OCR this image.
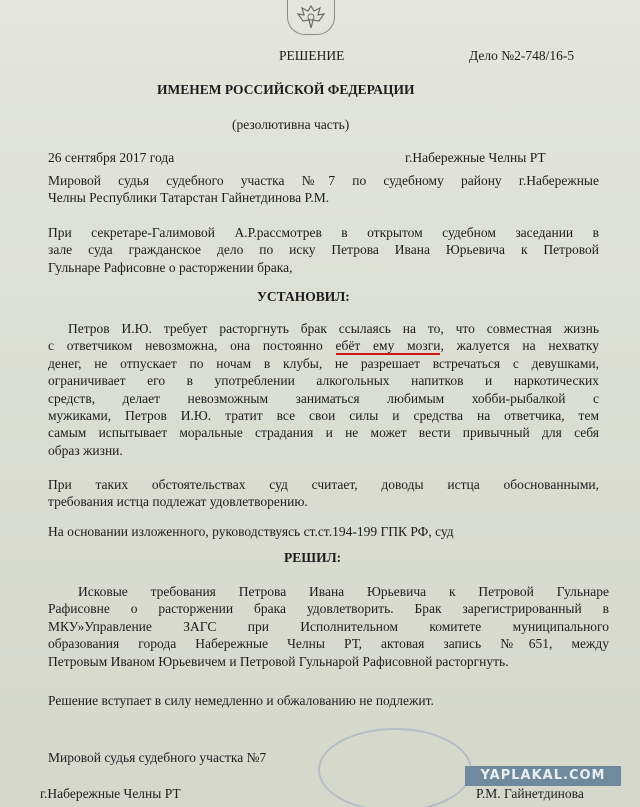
РЕШЕНИЕ	Дело №2-748/16-5
ИМЕНЕМ РОССИЙСКОЙ ФЕДЕРАЦИИ
(резолютивна часть)
26 сентября 2017 года	г.Набережные Челны РТ
Мировой судья судебного участка №7 по судебному району г.Набережные
Челны Республики Татарстан Гайнетдинова Р.М.
При секретаре-Галимовой А.Р.рассмотрев в открытом судебном заседании в
зале суда гражданское дело по иску Петрова Ивана Юрьевича к Петровой
Гульнаре Рафисовне о расторжении брака,
УСТАНОВИЛ:
Петров И.Ю. требует расторгнуть брак ссылаясь на то, что совместная жизнь
с ответчиком невозможна, она постоянно ебёт ему мозги, жалуется на нехватку
денег, не отпускает по ночам в клубы, не разрешает встречаться с девушками,
ограничивает его в употреблении алкогольных напитков и наркотических
средств, делает невозможным заниматься любимым хобби-рыбалкой с
мужиками, Петров И.Ю. тратит все свои силы и средства на ответчика, тем
самым испытывает моральные страдания и не может вести привычный для себя
образ жизни.
При таких обстоятельствах суд считает, доводы истца обоснованными,
требования истца подлежат удовлетворению.
На основании изложенного, руководствуясь ст.ст.194-199 ГПК РФ, суд
РЕШИЛ:
Исковые требования Петрова Ивана Юрьевича к Петровой Гульнаре
Рафисовне о расторжении брака удовлетворить. Брак зарегистрированный в
МКУ»Управление ЗАГС при Исполнительном комитете муниципального
образования города Набережные Челны РТ, актовая запись №651, между
Петровым Иваном Юрьевичем и Петровой Гульнарой Рафисовной расторгнуть.
Решение вступает в силу немедленно и обжалованию не подлежит.
Мировой судья судебного участка №7
г.Набережные Челны РТ	Р.М. Гайнетдинова
YAPLAKAL.COM
